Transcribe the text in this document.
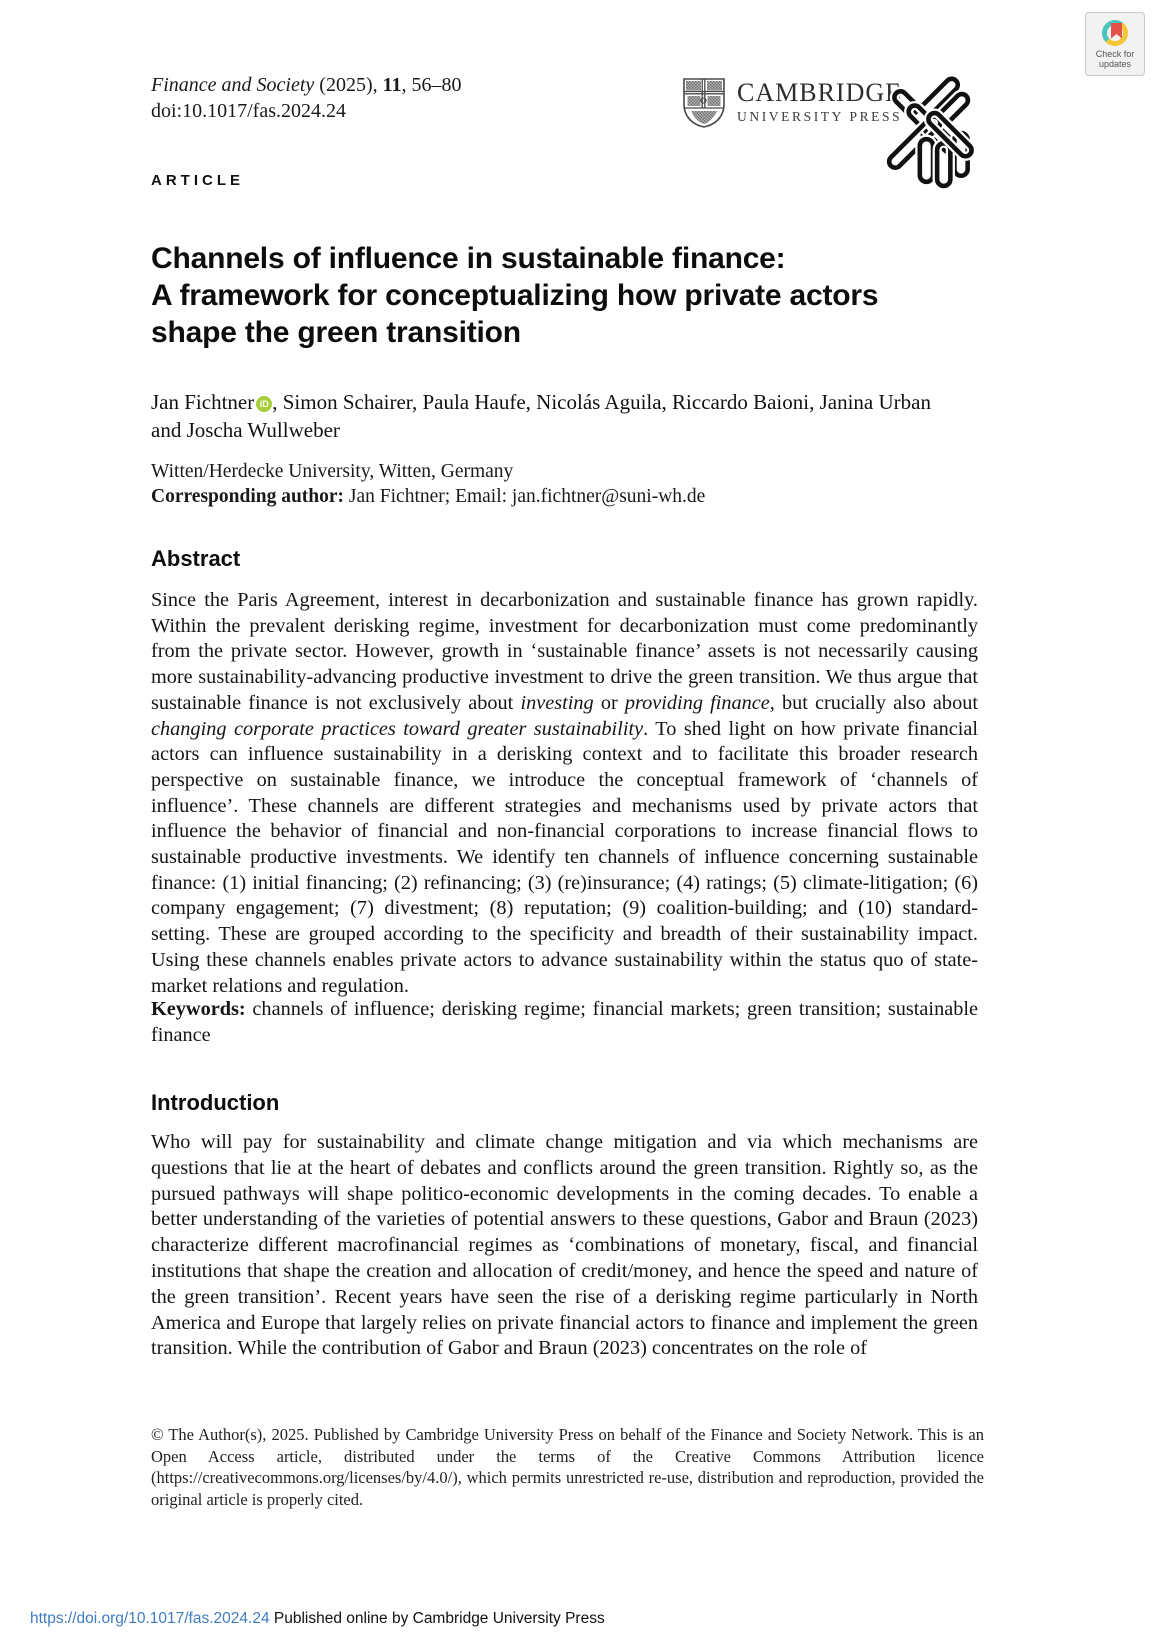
Finance and Society (2025), 11, 56–80
doi:10.1017/fas.2024.24
ARTICLE
CAMBRIDGE
UNIVERSITY PRESS
Check for
updates
Channels of influence in sustainable finance:
A framework for conceptualizing how private actors
shape the green transition
Jan Fichtner iD , Simon Schairer, Paula Haufe, Nicolás Aguila, Riccardo Baioni, Janina Urban
and Joscha Wullweber
Witten/Herdecke University, Witten, Germany
Corresponding author: Jan Fichtner; Email: jan.fichtner@suni-wh.de
Abstract
Since the Paris Agreement, interest in decarbonization and sustainable finance has grown rapidly. Within the prevalent derisking regime, investment for decarbonization must come predominantly from the private sector. However, growth in ‘sustainable finance’ assets is not necessarily causing more sustainability-advancing productive investment to drive the green transition. We thus argue that sustainable finance is not exclusively about investing or providing finance, but crucially also about changing corporate practices toward greater sustainability. To shed light on how private financial actors can influence sustainability in a derisking context and to facilitate this broader research perspective on sustainable finance, we introduce the conceptual framework of ‘channels of influence’. These channels are different strategies and mechanisms used by private actors that influence the behavior of financial and non-financial corporations to increase financial flows to sustainable productive investments. We identify ten channels of influence concerning sustainable finance: (1) initial financing; (2) refinancing; (3) (re)insurance; (4) ratings; (5) climate-litigation; (6) company engagement; (7) divestment; (8) reputation; (9) coalition-building; and (10) standard-setting. These are grouped according to the specificity and breadth of their sustainability impact. Using these channels enables private actors to advance sustainability within the status quo of state-market relations and regulation.
Keywords: channels of influence; derisking regime; financial markets; green transition; sustainable finance
Introduction
Who will pay for sustainability and climate change mitigation and via which mechanisms are questions that lie at the heart of debates and conflicts around the green transition. Rightly so, as the pursued pathways will shape politico-economic developments in the coming decades. To enable a better understanding of the varieties of potential answers to these questions, Gabor and Braun (2023) characterize different macrofinancial regimes as ‘combinations of monetary, fiscal, and financial institutions that shape the creation and allocation of credit/money, and hence the speed and nature of the green transition’. Recent years have seen the rise of a derisking regime particularly in North America and Europe that largely relies on private financial actors to finance and implement the green transition. While the contribution of Gabor and Braun (2023) concentrates on the role of
© The Author(s), 2025. Published by Cambridge University Press on behalf of the Finance and Society Network. This is an Open Access article, distributed under the terms of the Creative Commons Attribution licence (https://creativecommons.org/licenses/by/4.0/), which permits unrestricted re-use, distribution and reproduction, provided the original article is properly cited.
https://doi.org/10.1017/fas.2024.24 Published online by Cambridge University Press
